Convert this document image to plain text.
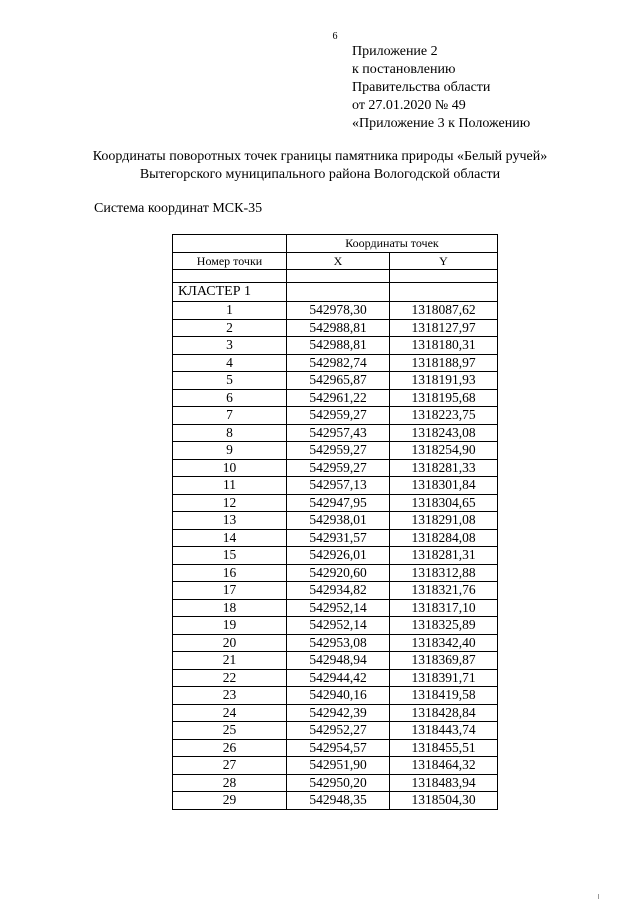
6
Приложение 2
к постановлению
Правительства области
от 27.01.2020 № 49
«Приложение 3 к Положению
Координаты поворотных точек границы памятника природы «Белый ручей»
Вытегорского муниципального района Вологодской области
Система координат МСК-35
	Координаты точек	
Номер точки	X	Y

КЛАСТЕР 1		
1	542978,30	1318087,62
2	542988,81	1318127,97
3	542988,81	1318180,31
4	542982,74	1318188,97
5	542965,87	1318191,93
6	542961,22	1318195,68
7	542959,27	1318223,75
8	542957,43	1318243,08
9	542959,27	1318254,90
10	542959,27	1318281,33
11	542957,13	1318301,84
12	542947,95	1318304,65
13	542938,01	1318291,08
14	542931,57	1318284,08
15	542926,01	1318281,31
16	542920,60	1318312,88
17	542934,82	1318321,76
18	542952,14	1318317,10
19	542952,14	1318325,89
20	542953,08	1318342,40
21	542948,94	1318369,87
22	542944,42	1318391,71
23	542940,16	1318419,58
24	542942,39	1318428,84
25	542952,27	1318443,74
26	542954,57	1318455,51
27	542951,90	1318464,32
28	542950,20	1318483,94
29	542948,35	1318504,30
